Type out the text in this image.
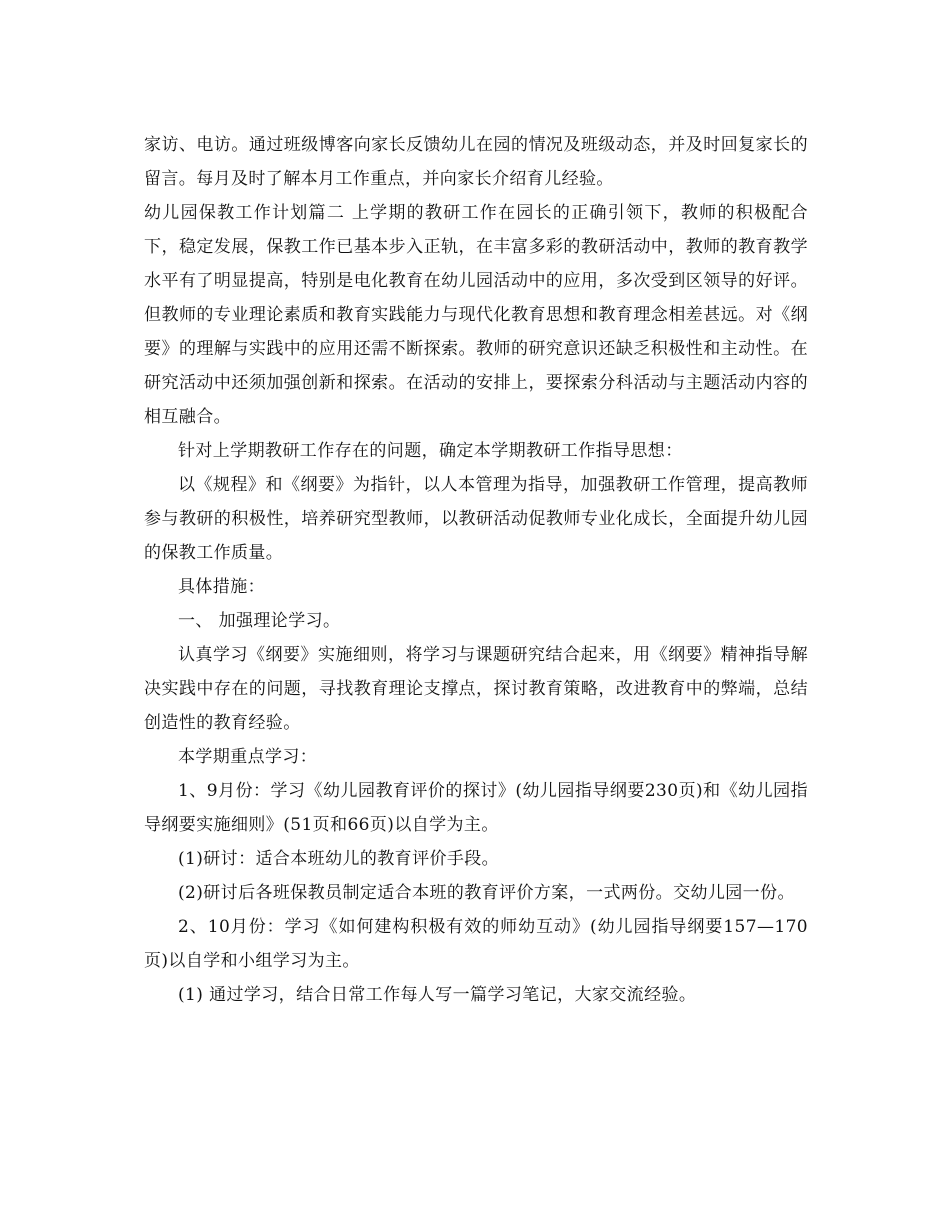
家访、电访。通过班级博客向家长反馈幼儿在园的情况及班级动态，并及时回复家长的留言。每月及时了解本月工作重点，并向家长介绍育儿经验。

幼儿园保教工作计划篇二 上学期的教研工作在园长的正确引领下，教师的积极配合下，稳定发展，保教工作已基本步入正轨，在丰富多彩的教研活动中，教师的教育教学水平有了明显提高，特别是电化教育在幼儿园活动中的应用，多次受到区领导的好评。但教师的专业理论素质和教育实践能力与现代化教育思想和教育理念相差甚远。对《纲要》的理解与实践中的应用还需不断探索。教师的研究意识还缺乏积极性和主动性。在研究活动中还须加强创新和探索。在活动的安排上，要探索分科活动与主题活动内容的相互融合。

针对上学期教研工作存在的问题，确定本学期教研工作指导思想：

以《规程》和《纲要》为指针，以人本管理为指导，加强教研工作管理，提高教师参与教研的积极性，培养研究型教师，以教研活动促教师专业化成长，全面提升幼儿园的保教工作质量。

具体措施：

一、 加强理论学习。

认真学习《纲要》实施细则，将学习与课题研究结合起来，用《纲要》精神指导解决实践中存在的问题，寻找教育理论支撑点，探讨教育策略，改进教育中的弊端，总结创造性的教育经验。

本学期重点学习：

1、9月份：学习《幼儿园教育评价的探讨》(幼儿园指导纲要230页)和《幼儿园指导纲要实施细则》(51页和66页)以自学为主。

(1)研讨：适合本班幼儿的教育评价手段。

(2)研讨后各班保教员制定适合本班的教育评价方案，一式两份。交幼儿园一份。

2、10月份：学习《如何建构积极有效的师幼互动》(幼儿园指导纲要157—170页)以自学和小组学习为主。

(1) 通过学习，结合日常工作每人写一篇学习笔记，大家交流经验。
